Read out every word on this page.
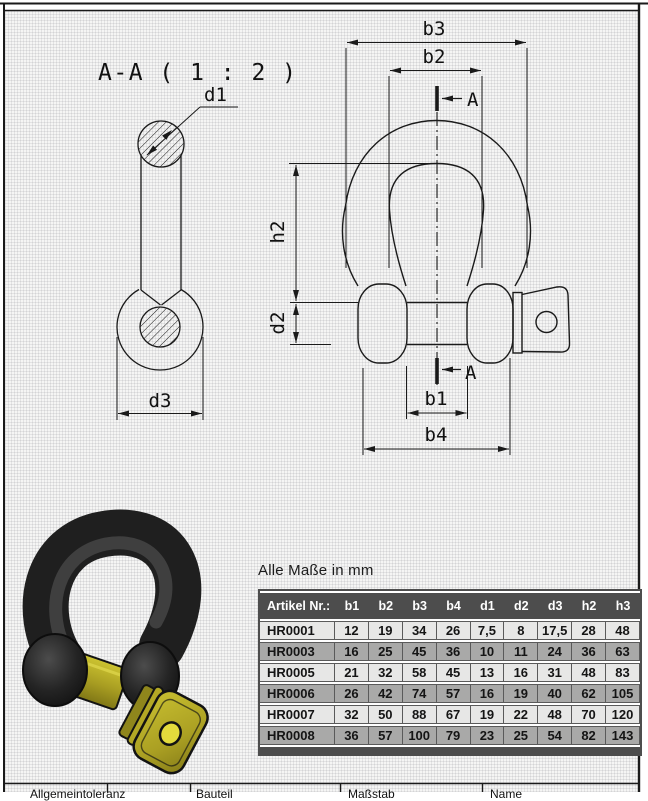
A-A ( 1 : 2 )
d1
d3
A
A
b3
b2
h2
d2
b1
b4
Alle Maße in mm
Artikel Nr.:	b1	b2	b3	b4	d1	d2	d3	h2	h3
HR0001	12	19	34	26	7,5	8	17,5	28	48
HR0003	16	25	45	36	10	11	24	36	63
HR0005	21	32	58	45	13	16	31	48	83
HR0006	26	42	74	57	16	19	40	62	105
HR0007	32	50	88	67	19	22	48	70	120
HR0008	36	57	100	79	23	25	54	82	143
Allgemeintoleranz	Bauteil	Maßstab	Name
